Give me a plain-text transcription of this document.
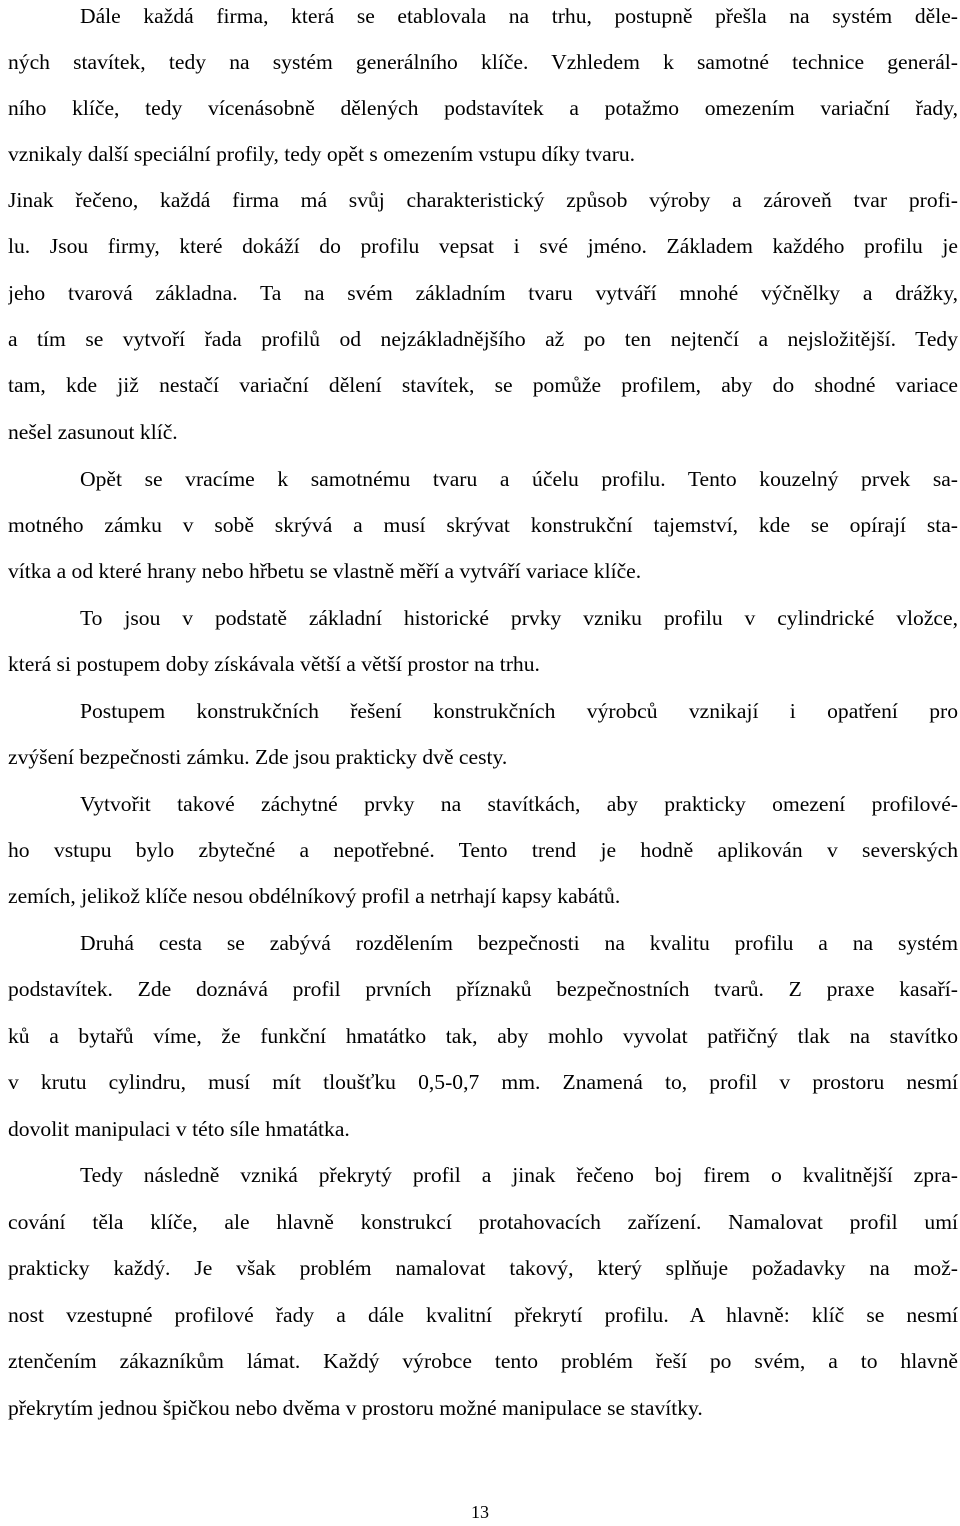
Dále každá firma, která se etablovala na trhu, postupně přešla na systém děle-
ných stavítek, tedy na systém generálního klíče. Vzhledem k samotné technice generál-
ního klíče, tedy vícenásobně dělených podstavítek a potažmo omezením variační řady,
vznikaly další speciální profily, tedy opět s omezením vstupu díky tvaru.
Jinak řečeno, každá firma má svůj charakteristický způsob výroby a zároveň tvar profi-
lu. Jsou firmy, které dokáží do profilu vepsat i své jméno. Základem každého profilu je
jeho tvarová základna. Ta na svém základním tvaru vytváří mnohé výčnělky a drážky,
a tím se vytvoří řada profilů od nejzákladnějšího až po ten nejtenčí a nejsložitější. Tedy
tam, kde již nestačí variační dělení stavítek, se pomůže profilem, aby do shodné variace
nešel zasunout klíč.
Opět se vracíme k samotnému tvaru a účelu profilu. Tento kouzelný prvek sa-
motného zámku v sobě skrývá a musí skrývat konstrukční tajemství, kde se opírají sta-
vítka a od které hrany nebo hřbetu se vlastně měří a vytváří variace klíče.
To jsou v podstatě základní historické prvky vzniku profilu v cylindrické vložce,
která si postupem doby získávala větší a větší prostor na trhu.
Postupem konstrukčních řešení konstrukčních výrobců vznikají i opatření pro
zvýšení bezpečnosti zámku. Zde jsou prakticky dvě cesty.
Vytvořit takové záchytné prvky na stavítkách, aby prakticky omezení profilové-
ho vstupu bylo zbytečné a nepotřebné. Tento trend je hodně aplikován v severských
zemích, jelikož klíče nesou obdélníkový profil a netrhají kapsy kabátů.
Druhá cesta se zabývá rozdělením bezpečnosti na kvalitu profilu a na systém
podstavítek. Zde doznává profil prvních příznaků bezpečnostních tvarů. Z praxe kasaří-
ků a bytařů víme, že funkční hmatátko tak, aby mohlo vyvolat patřičný tlak na stavítko
v krutu cylindru, musí mít tloušťku 0,5-0,7 mm. Znamená to, profil v prostoru nesmí
dovolit manipulaci v této síle hmatátka.
Tedy následně vzniká překrytý profil a jinak řečeno boj firem o kvalitnější zpra-
cování těla klíče, ale hlavně konstrukcí protahovacích zařízení. Namalovat profil umí
prakticky každý. Je však problém namalovat takový, který splňuje požadavky na mož-
nost vzestupné profilové řady a dále kvalitní překrytí profilu. A hlavně: klíč se nesmí
ztenčením zákazníkům lámat. Každý výrobce tento problém řeší po svém, a to hlavně
překrytím jednou špičkou nebo dvěma v prostoru možné manipulace se stavítky.
13
